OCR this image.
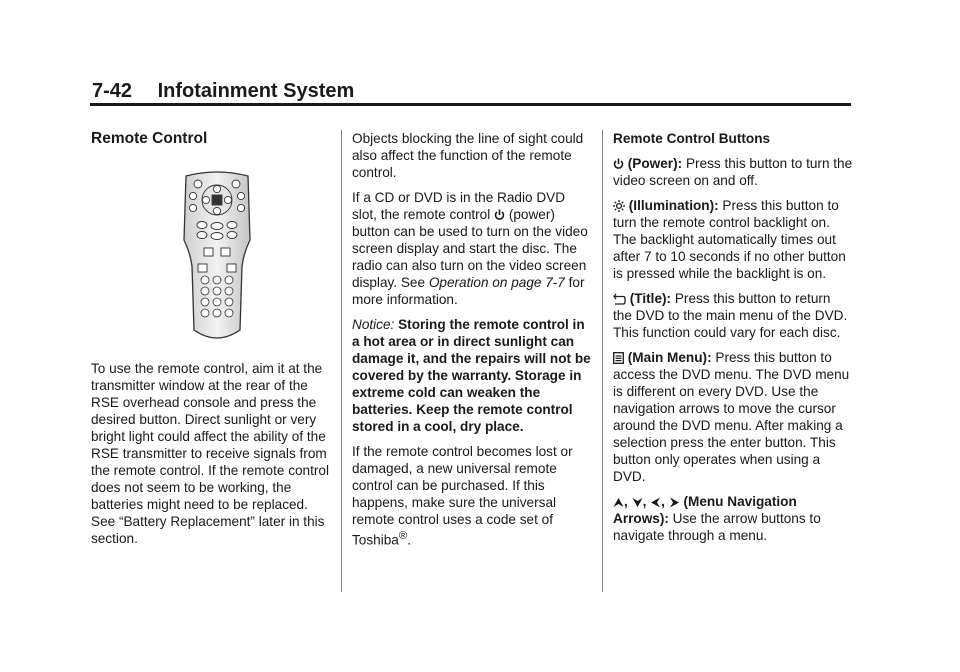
7-42 Infotainment System

Remote Control

To use the remote control, aim it at the transmitter window at the rear of the RSE overhead console and press the desired button. Direct sunlight or very bright light could affect the ability of the RSE transmitter to receive signals from the remote control. If the remote control does not seem to be working, the batteries might need to be replaced. See “Battery Replacement” later in this section.

Objects blocking the line of sight could also affect the function of the remote control.

If a CD or DVD is in the Radio DVD slot, the remote control (power) button can be used to turn on the video screen display and start the disc. The radio can also turn on the video screen display. See Operation on page 7-7 for more information.

Notice: Storing the remote control in a hot area or in direct sunlight can damage it, and the repairs will not be covered by the warranty. Storage in extreme cold can weaken the batteries. Keep the remote control stored in a cool, dry place.

If the remote control becomes lost or damaged, a new universal remote control can be purchased. If this happens, make sure the universal remote control uses a code set of Toshiba®.

Remote Control Buttons

(Power): Press this button to turn the video screen on and off.

(Illumination): Press this button to turn the remote control backlight on. The backlight automatically times out after 7 to 10 seconds if no other button is pressed while the backlight is on.

(Title): Press this button to return the DVD to the main menu of the DVD. This function could vary for each disc.

(Main Menu): Press this button to access the DVD menu. The DVD menu is different on every DVD. Use the navigation arrows to move the cursor around the DVD menu. After making a selection press the enter button. This button only operates when using a DVD.

, , , (Menu Navigation Arrows): Use the arrow buttons to navigate through a menu.
